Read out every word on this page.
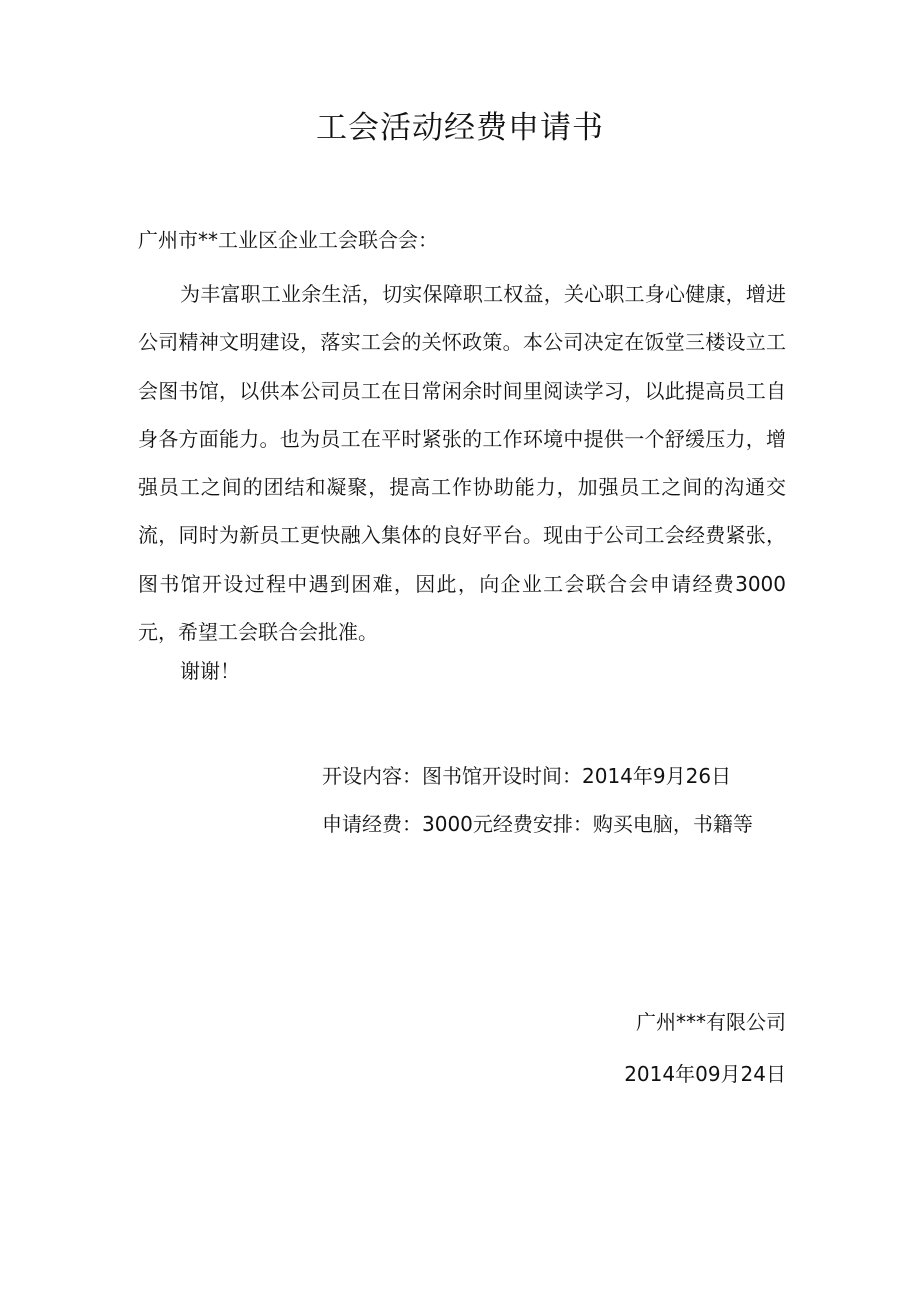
工会活动经费申请书
广州市**工业区企业工会联合会：

为丰富职工业余生活，切实保障职工权益，关心职工身心健康，增进公司精神文明建设，落实工会的关怀政策。本公司决定在饭堂三楼设立工会图书馆，以供本公司员工在日常闲余时间里阅读学习，以此提高员工自身各方面能力。也为员工在平时紧张的工作环境中提供一个舒缓压力，增强员工之间的团结和凝聚，提高工作协助能力，加强员工之间的沟通交流，同时为新员工更快融入集体的良好平台。现由于公司工会经费紧张，图书馆开设过程中遇到困难，因此，向企业工会联合会申请经费3000元，希望工会联合会批准。

谢谢！

开设内容：图书馆开设时间：2014年9月26日
申请经费：3000元经费安排：购买电脑，书籍等

广州***有限公司
2014年09月24日
